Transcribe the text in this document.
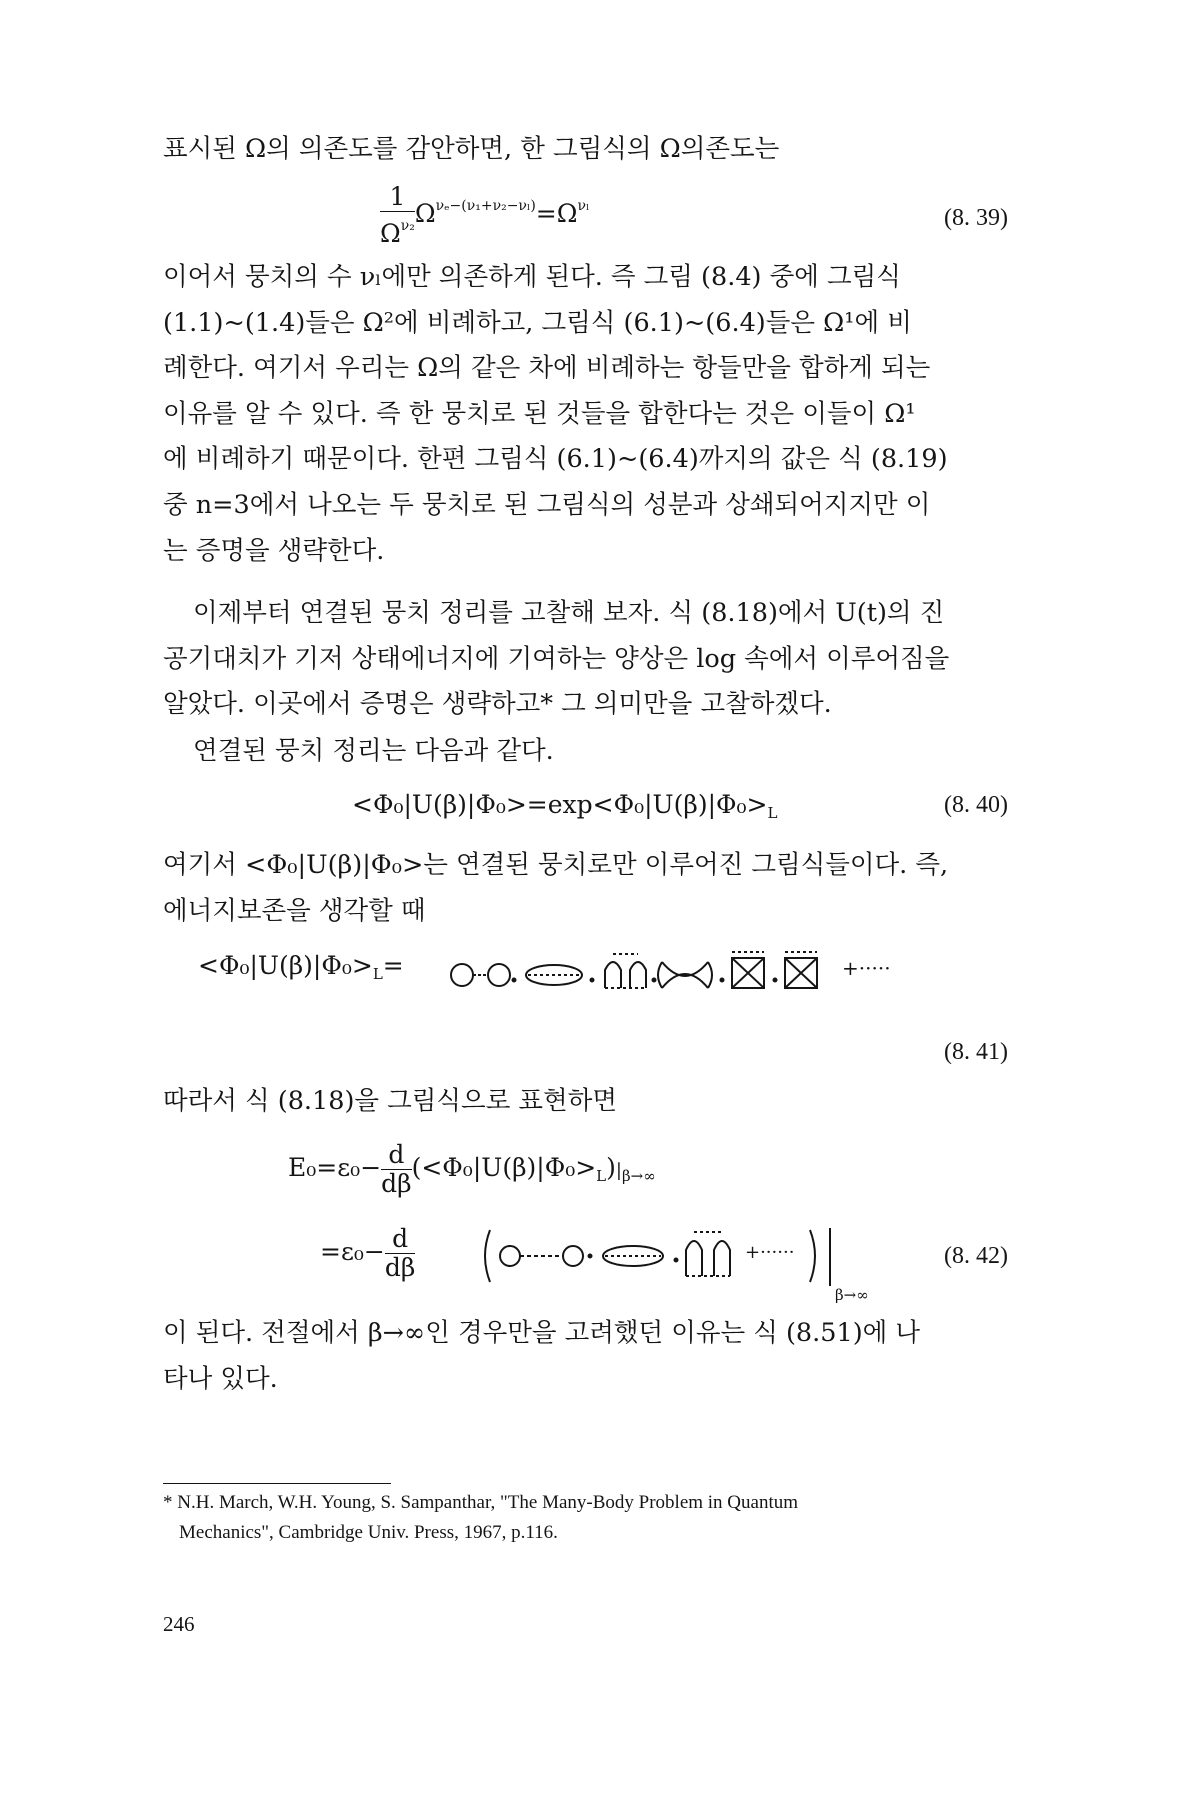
표시된 Ω의 의존도를 감안하면, 한 그림식의 Ω의존도는
$\frac{1}{\Omega^{\nu_2}} \Omega^{\nu_e-(\nu_1+\nu_2-\nu_l)}=\Omega^{\nu_l}$	(8. 39)
이어서 뭉치의 수 νₗ에만 의존하게 된다. 즉 그림 (8.4) 중에 그림식
(1.1)~(1.4)들은 Ω²에 비례하고, 그림식 (6.1)~(6.4)들은 Ω¹에 비
례한다. 여기서 우리는 Ω의 같은 차에 비례하는 항들만을 합하게 되는
이유를 알 수 있다. 즉 한 뭉치로 된 것들을 합한다는 것은 이들이 Ω¹
에 비례하기 때문이다. 한편 그림식 (6.1)~(6.4)까지의 값은 식 (8.19)
중 n=3에서 나오는 두 뭉치로 된 그림식의 성분과 상쇄되어지지만 이
는 증명을 생략한다.
이제부터 연결된 뭉치 정리를 고찰해 보자. 식 (8.18)에서 U(t)의 진
공기대치가 기저 상태에너지에 기여하는 양상은 log 속에서 이루어짐을
알았다. 이곳에서 증명은 생략하고* 그 의미만을 고찰하겠다.
연결된 뭉치 정리는 다음과 같다.
$<\Phi_0|U(\beta)|\Phi_0>=\exp<\Phi_0|U(\beta)|\Phi_0>_L$	(8. 40)
여기서 <Φ₀|U(β)|Φ₀>는 연결된 뭉치로만 이루어진 그림식들이다. 즉,
에너지보존을 생각할 때
$<\Phi_0|U(\beta)|\Phi_0>_L=$	+·····
(8. 41)
따라서 식 (8.18)을 그림식으로 표현하면
$E_0=\varepsilon_0- \frac{d}{d\beta} (<\Phi_0|U(\beta)|\Phi_0>_L)|_{\beta\to\infty}$
$=\varepsilon_0- \frac{d}{d\beta}$	+······
$_{\beta\to\infty}$
(8. 42)
이 된다. 전절에서 β→∞인 경우만을 고려했던 이유는 식 (8.51)에 나
타나 있다.
* N.H. March, W.H. Young, S. Sampanthar, "The Many-Body Problem in Quantum
Mechanics", Cambridge Univ. Press, 1967, p.116.
246
